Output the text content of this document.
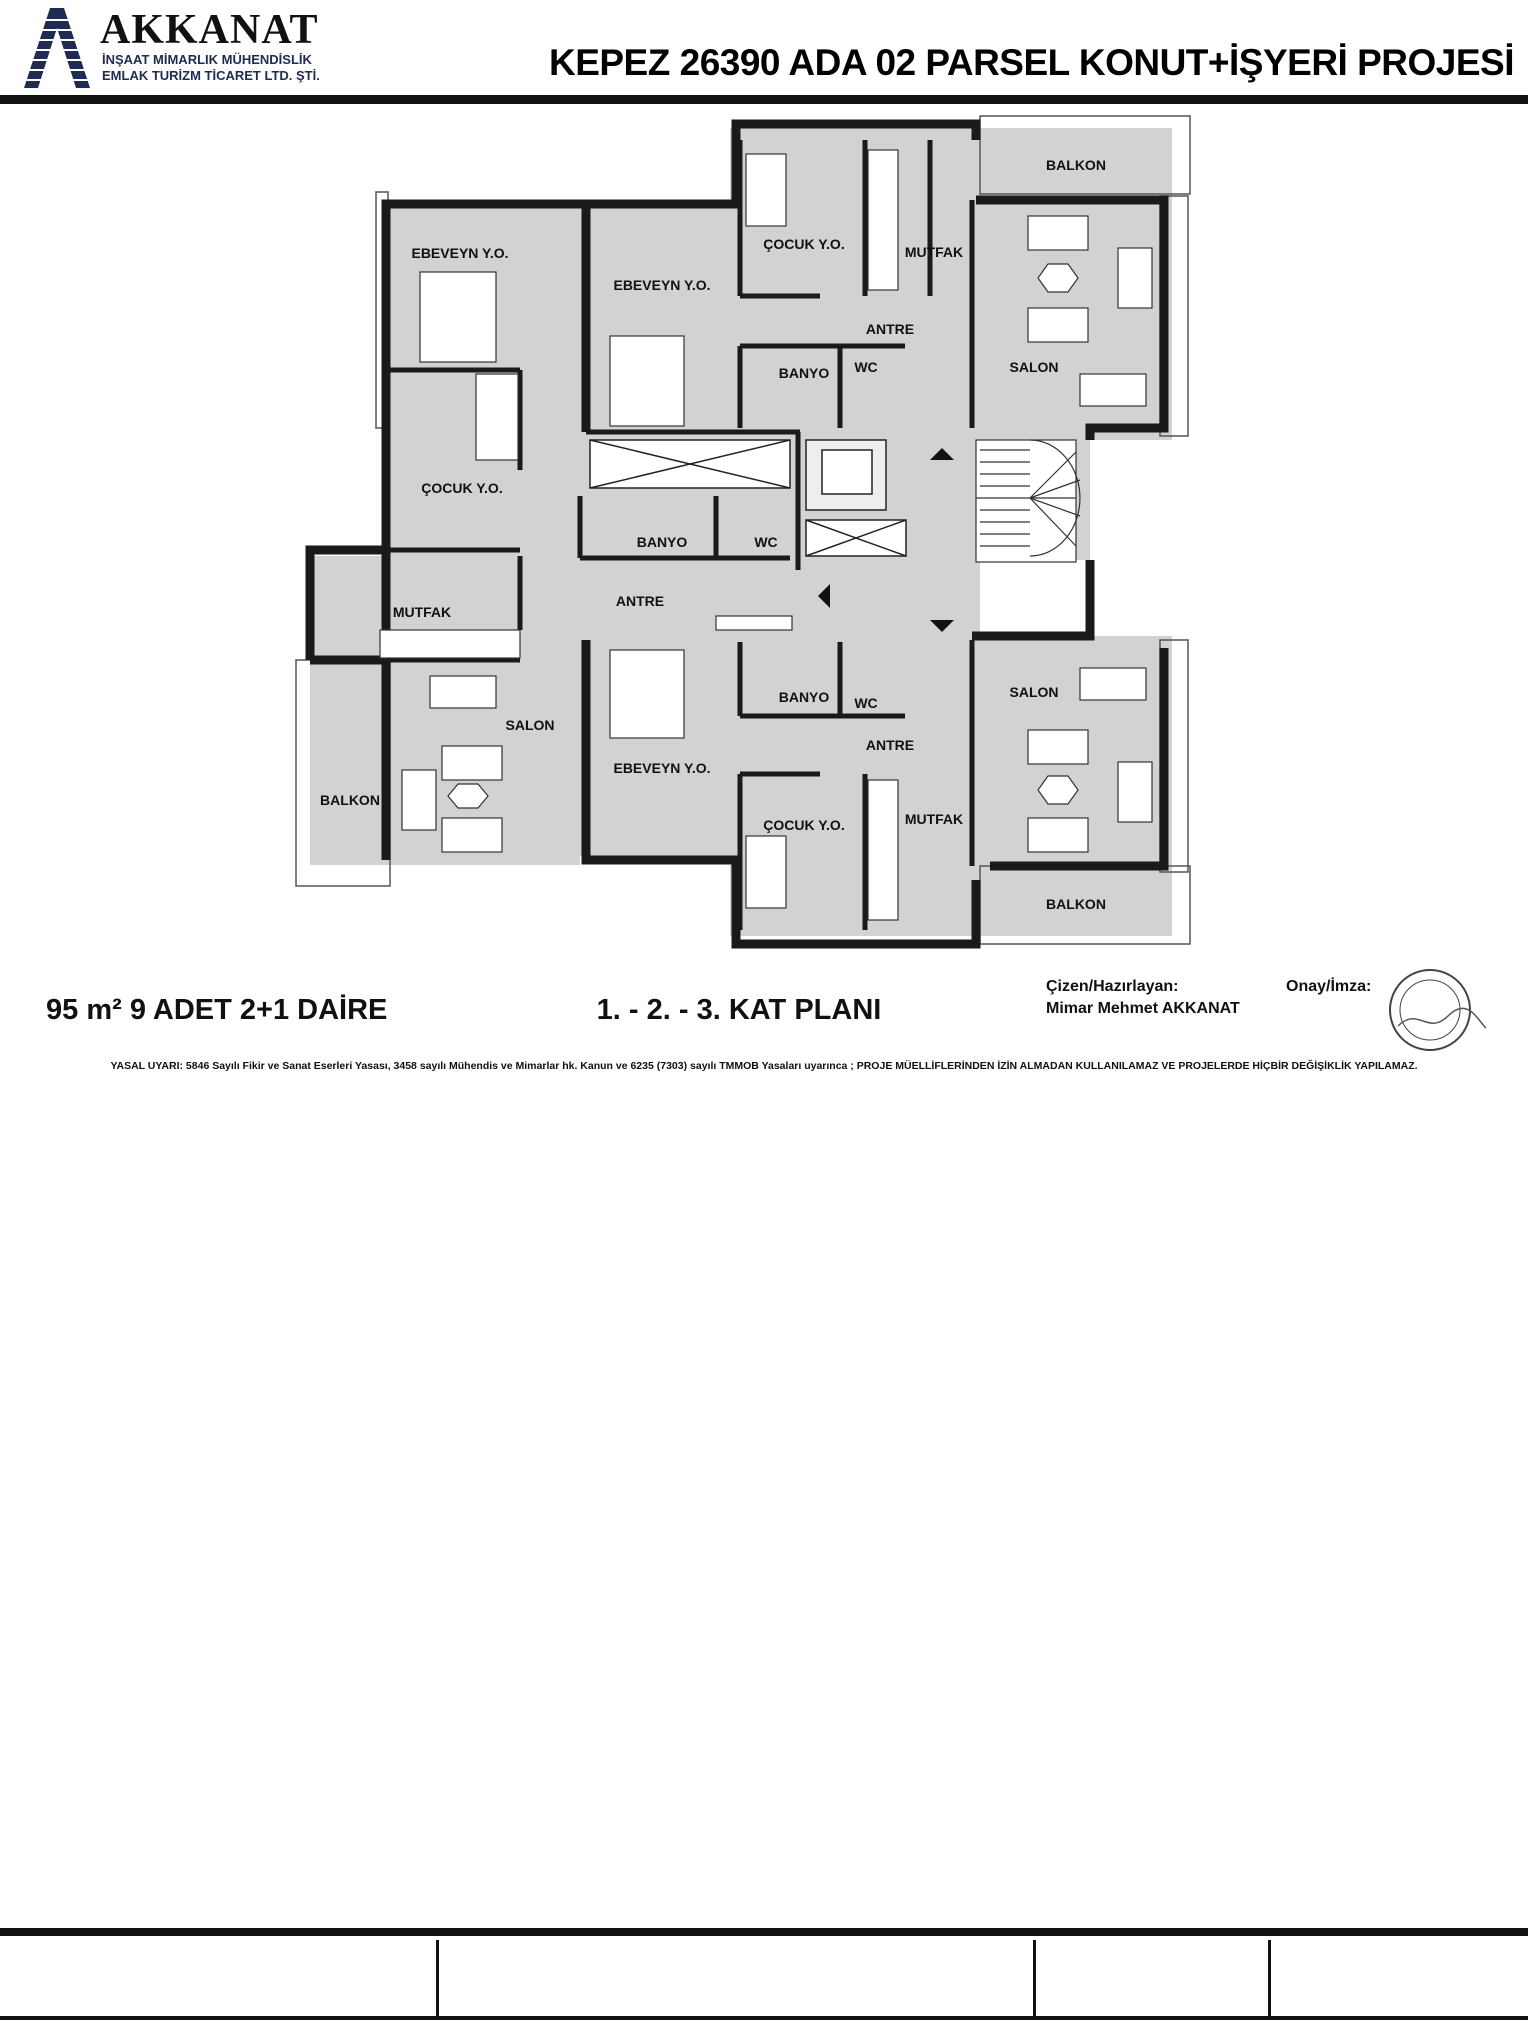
AKKANAT
İNŞAAT MİMARLIK MÜHENDİSLİK
EMLAK TURİZM TİCARET LTD. ŞTİ.	KEPEZ 26390 ADA 02 PARSEL KONUT+İŞYERİ PROJESİ
EBEVEYN Y.O.
ÇOCUK Y.O.
MUTFAK
SALON
BALKON
ANTRE
EBEVEYN Y.O.
BANYO	WC
ÇOCUK Y.O.	MUTFAK
BALKON
ANTRE
BANYO WC	SALON
EBEVEYN Y.O.
BANYO WC
ANTRE
SALON
ÇOCUK Y.O.	MUTFAK
BALKON
95 m² 9 ADET 2+1 DAİRE	1. - 2. - 3. KAT PLANI
Çizen/Hazırlayan:
Mimar Mehmet AKKANAT
Onay/İmza:
YASAL UYARI: 5846 Sayılı Fikir ve Sanat Eserleri Yasası, 3458 sayılı Mühendis ve Mimarlar hk. Kanun ve 6235 (7303) sayılı TMMOB Yasaları uyarınca ; PROJE MÜELLİFLERİNDEN İZİN ALMADAN KULLANILAMAZ VE PROJELERDE HİÇBİR DEĞİŞİKLİK YAPILAMAZ.
